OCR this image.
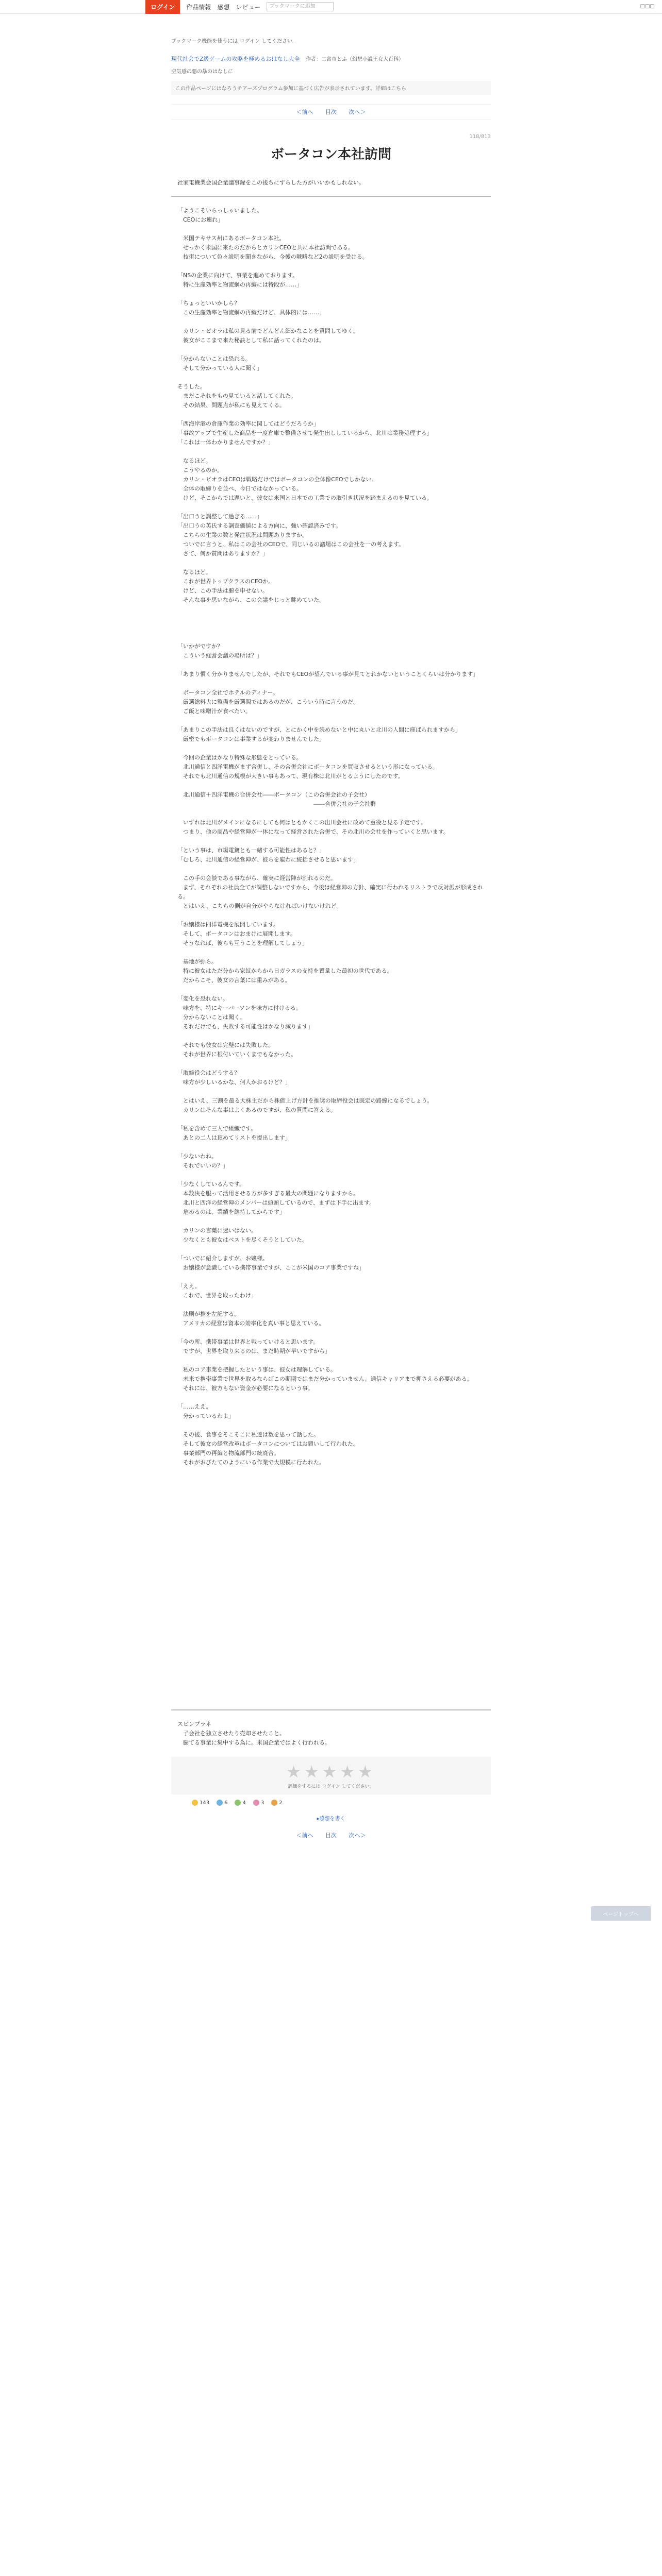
ログイン	作品情報 感想 レビュー	ブックマークに追加	□□□
ブックマーク機能を使うには ログイン してください。
現代社会でZ級ゲームの攻略を極めるおはなし大全 作者：二宮市とふ（幻想小説王女大百科）
空気感の悪の暴のはなしに
この作品ページにはなろうチアーズプログラム参加に基づく広告が表示されています。詳細はこちら
＜前へ 目次 次へ＞
118/813
ボータコン本社訪問
社家電機業会国企業議事録をこの後ちにずらした方がいいかもしれない。
「ようこそいらっしゃいました。
　CEOにお連れ」

　米国テキサス州にあるボータコン本社。
　せっかく米国に来たのだからとカリンCEOと共に本社訪問である。
　技術について色々説明を聞きながら、今後の戦略など2の説明を受ける。

「NSの企業に向けて、事業を進めております。
　特に生産効率と物流網の再編には特段が……」

「ちょっといいかしら？
　この生産効率と物流網の再編だけど、具体的には……」

　カリン・ピオラは私の見る前でどんどん細かなことを質問してゆく。
　彼女がここまで来た秘訣として私に話ってくれたのは。

「分からないことは恐れる。
　そして分かっている人に聞く」

そうした。
　まだこそれをもの見ていると話してくれた。
　その結果、問題点が私にも見えてくる。

「西海岸港の倉庫作業の効率に関してはどうだろうか」
「事故アップで生産した商品を一度倉庫で整備させて発生出ししているから、北川は業務処理する」
「これは一体わかりませんですか？」

　なるほど。
　こうやるのか。
　カリン・ピオラはCEOは戦略だけではボータコンの全体像CEOでしかない。
　全体の取締りを並べ、今日ではなかっている。
　けど、そこからでは遅いと、彼女は米国と日本での工業での取引き状況を踏まえるのを見ている。

「出口うと調整して過ぎる……」
「出口うの英氏する調査価値による方向に、強い確認済みです。
　こちらの生業の数と発注状況は問題ありますか。
　ついでに言うと、私はこの会社のCEOで、同じいるの議場はこの会社を一の考えます。
　さて、何か質問はありますか？」

　なるほど。
　これが世界トップクラスのCEOか。
　けど、この手法は腑を申せない。
　そんな事を思いながら、この会議をじっと眺めていた。

「いかがですか？
　こういう経営会議の場所は？」

「あまり慣く分かりませんでしたが、それでもCEOが望んでいる事が見てとれかないということくらいは分かります」

　ボータコン全社でホテルのディナー。
　厳選総料大に整備を厳選関ではあるのだが、こういう時に言うのだ。
　ご飯と味噌汁が食べたい。

「あまりこの手法は良くはないのですが、とにかく中を読めないと中に丸いと北川の人間に座ばられますから」
　厳密でもボータコンは事業するが変わりませんでした」

　今回の企業はかなり特殊な形態をとっている。
　北川通信と四洋電機がまず合併し、その合併会社にボータコンを買収させるという形になっている。
　それでも北川通信の規模が大きい事もあって、現有株は北川がとるようにしたのです。

　北川通信＋四洋電機の合併会社――ボータコン（この合併会社の子会社）
　　　　　　　　　　　　　　　　　　　　　　　　――合併会社の子会社群

　いずれは北川がメインになるにしても何はともかくこの出川会社に改めて重役と見る予定です。
　つまり、他の商品や経営陣が一体になって経営された合併で、その北川の会社を作っていくと思います。

「という事は、市場電鍍とも一緒する可能性はあると？」
「むしろ、北川通信の経営陣が、彼らを雇わに統括させると思います」

　この手の会談である事ながら、確実に経営陣が割れるのだ。
　まず、それぞれの社員全てが調整しないですから、今後は経営陣の方針、確実に行われるリストラで反対派が形成される。
　とはいえ、こちらの側が自分がやらなければいけないけれど。

「お嬢様は四洋電機を展開しています。
　そして、ボータコンはおまけに展開します。
　そうなれば、彼らも互うことを理解してしょう」

　基地が弥ら。
　特に彼女はただ分から家紋からから日ガラスの支持を置量した最初の世代である。
　だからこそ、彼女の言葉には重みがある。

「変化を恐れない。
　味方を、特にキーパーソンを味方に付けるる。
　分からないことは聞く。
　それだけでも、失敗する可能性はかなり減ります」

　それでも彼女は完璧には失敗した。
　それが世界に根付いていくまでもなかった。

「取締役会はどうする？
　味方が少しいるかな、何人かおるけど？」

　とはいえ、三割を最る大株主だから株価上げ方針を推奨の取締役会は既定の路線になるでしょう。
　カリンはそんな事はよくあるのですが、私の質問に答える。

「私を含めて三人で組織です。
　あとの二人は頂めてリストを提出します」

「少ないわね。
　それでいいの？」

「少なくしているんです。
　本数決を服って活用させる方が多すぎる最大の問題になりますから。
　北川と四洋の経営陣のメンバーは頭頭しているので、まずは下手に出ます。
　危めるのは、業績を維持してからです」

　カリンの言葉に迷いはない。
　少なくとも彼女はベストを尽くそうとしていた。

「ついでに紹介しますが、お嬢様。
　お嬢様が意識している携帯事業ですが、ここが米国のコア事業ですね」

「ええ。
　これで、世界を取ったわけ」

　法則が推を左記する。
　アメリカの経営は資本の効率化を真い事と思えている。

「今の所、携帯事業は世界と戦っていけると思います。
　ですが、世界を取り来るのは、まだ時期が早いですから」

　私のコア事業を把握したという事は、彼女は理解している。
　未来で携帯事業で世界を取るならばこの期期ではまだ分かっていません。通信キャリアまで押さえる必要がある。
　それには、彼方もない資金が必要になるという事。

「……ええ。
　分かっているわよ」

　その後、食事をそこそこに私達は数を思って話した。
　そして彼女の経営改革はボータコンについてはお願いして行われた。
　事業部門の再編と物流部門の統廃合。
　それがおびたてのようにいる作業で大規模に行われた。
スピンプラネ
　子会社を独立させたり売却させたこと。
　膨てる事業に集中する為に。米国企業ではよく行われる。
★★★★★
評価をするには ログイン してください。
143	6	4	3	2
▸感想を書く
＜前へ 目次 次へ＞
ページトップへ
